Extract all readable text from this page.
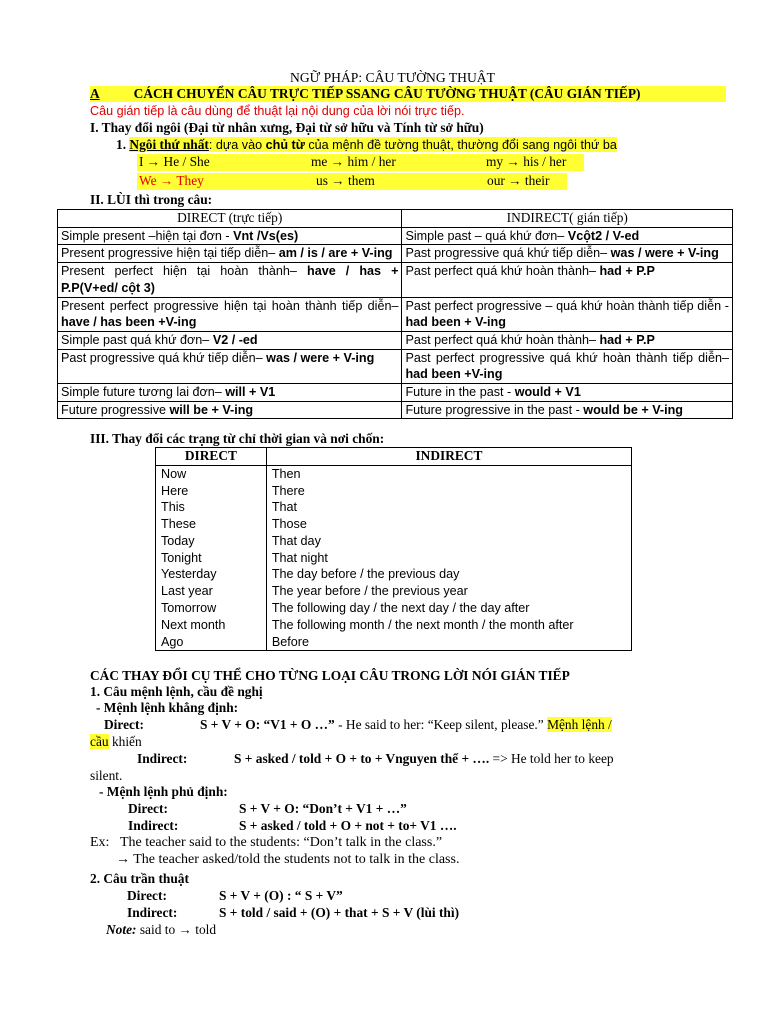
NGỮ PHÁP: CÂU TƯỜNG THUẬT
A	CÁCH CHUYỂN CÂU TRỰC TIẾP SSANG CÂU TƯỜNG THUẬT (CÂU GIÁN TIẾP)
Câu gián tiếp là câu dùng để thuật lại nội dung của lời nói trực tiếp.
I. Thay đổi ngôi (Đại từ nhân xưng, Đại từ sở hữu và Tính từ sở hữu)
1. Ngôi thứ nhất: dựa vào chủ từ của mệnh đề tường thuật, thường đổi sang ngôi thứ ba
I → He / She	me → him / her	my → his / her
We → They	us → them	our → their
II. LÙI thì trong câu:
DIRECT (trực tiếp)	INDIRECT( gián tiếp)
Simple present –hiện tại đơn - Vnt /Vs(es)	Simple past – quá khứ đơn– Vcột2 / V-ed
Present progressive hiện tại tiếp diễn– am / is / are + V-ing	Past progressive quá khứ tiếp diễn– was / were + V-ing
Present perfect hiện tại hoàn thành– have / has + P.P(V+ed/ cột 3)	Past perfect quá khứ hoàn thành– had + P.P
Present perfect progressive hiện tại hoàn thành tiếp diễn– have / has been +V-ing	Past perfect progressive – quá khứ hoàn thành tiếp diễn - had been + V-ing
Simple past quá khứ đơn– V2 / -ed	Past perfect quá khứ hoàn thành– had + P.P
Past progressive quá khứ tiếp diễn– was / were + V-ing	Past perfect progressive quá khứ hoàn thành tiếp diễn– had been +V-ing
Simple future tương lai đơn– will + V1	Future in the past - would + V1
Future progressive will be + V-ing	Future progressive in the past - would be + V-ing
III. Thay đổi các trạng từ chỉ thời gian và nơi chốn:
DIRECT	INDIRECT
Now	Then
Here	There
This	That
These	Those
Today	That day
Tonight	That night
Yesterday	The day before / the previous day
Last year	The year before / the previous year
Tomorrow	The following day / the next day / the day after
Next month	The following month / the next month / the month after
Ago	Before
CÁC THAY ĐỔI CỤ THỂ CHO TỪNG LOẠI CÂU TRONG LỜI NÓI GIÁN TIẾP
1. Câu mệnh lệnh, cầu đề nghị
- Mệnh lệnh khẳng định:
Direct:	S + V + O: “V1 + O …” - He said to her: “Keep silent, please.” Mệnh lệnh /
cầu khiến
Indirect:	S + asked / told + O + to + Vnguyen thể + …. => He told her to keep
silent.
- Mệnh lệnh phủ định:
Direct:	S + V + O: “Don’t + V1 + …”
Indirect:	S + asked / told + O + not + to+ V1 ….
Ex: The teacher said to the students: “Don’t talk in the class.”
→ The teacher asked/told the students not to talk in the class.
2. Câu trần thuật
Direct:	S + V + (O) : “ S + V”
Indirect:	S + told / said + (O) + that + S + V (lùi thì)
Note: said to → told
